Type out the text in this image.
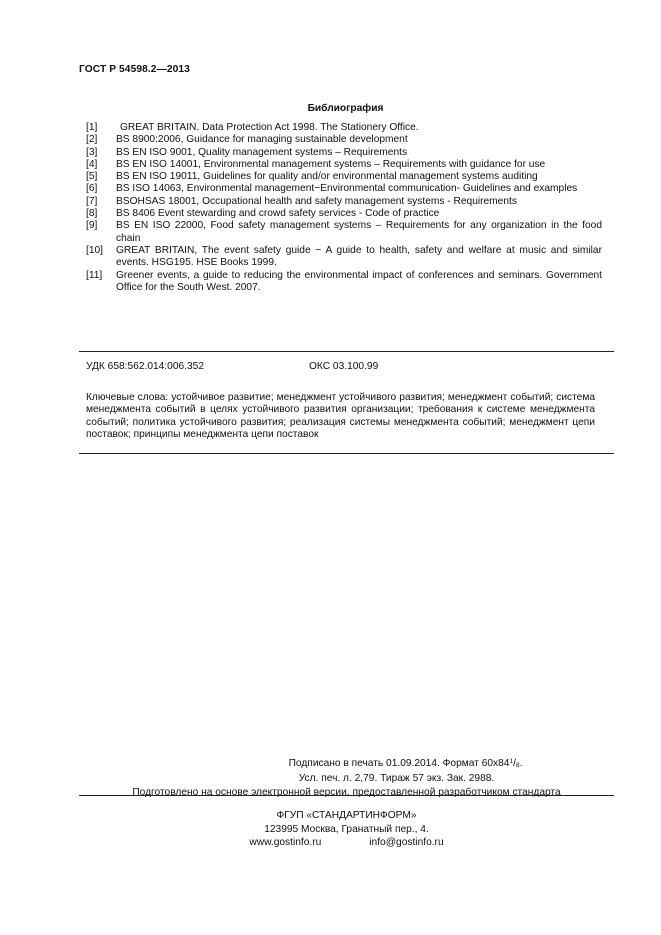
ГОСТ Р 54598.2—2013
Библиография
[1]	GREAT BRITAIN. Data Protection Act 1998. The Stationery Office.
[2]	BS 8900:2006, Guidance for managing sustainable development
[3]	BS EN ISO 9001, Quality management systems – Requirements
[4]	BS EN ISO 14001, Environmental management systems – Requirements with guidance for use
[5]	BS EN ISO 19011, Guidelines for quality and/or environmental management systems auditing
[6]	BS ISO 14063, Environmental management−Environmental communication- Guidelines and examples
[7]	BSOHSAS 18001, Occupational health and safety management systems - Requirements
[8]	BS 8406 Event stewarding and crowd safety services - Code of practice
[9]	BS EN ISO 22000, Food safety management systems – Requirements for any organization in the food chain
[10]	GREAT BRITAIN, The event safety guide − A guide to health, safety and welfare at music and similar events. HSG195. HSE Books 1999.
[11]	Greener events, a guide to reducing the environmental impact of conferences and seminars. Government Office for the South West. 2007.
УДК 658:562.014:006.352	ОКС 03.100.99
Ключевые слова: устойчивое развитие; менеджмент устойчивого развития; менеджмент событий; система менеджмента событий в целях устойчивого развития организации; требования к системе менеджмента событий; политика устойчивого развития; реализация системы менеджмента событий; менеджмент цепи поставок; принципы менеджмента цепи поставок
Подписано в печать 01.09.2014. Формат $60x84^1/_8$.
Усл. печ. л. 2,79. Тираж 57 экз. Зак. 2988.
Подготовлено на основе электронной версии, предоставленной разработчиком стандарта
ФГУП «СТАНДАРТИНФОРМ»
123995 Москва, Гранатный пер., 4.
www.gostinfo.ru	info@gostinfo.ru
